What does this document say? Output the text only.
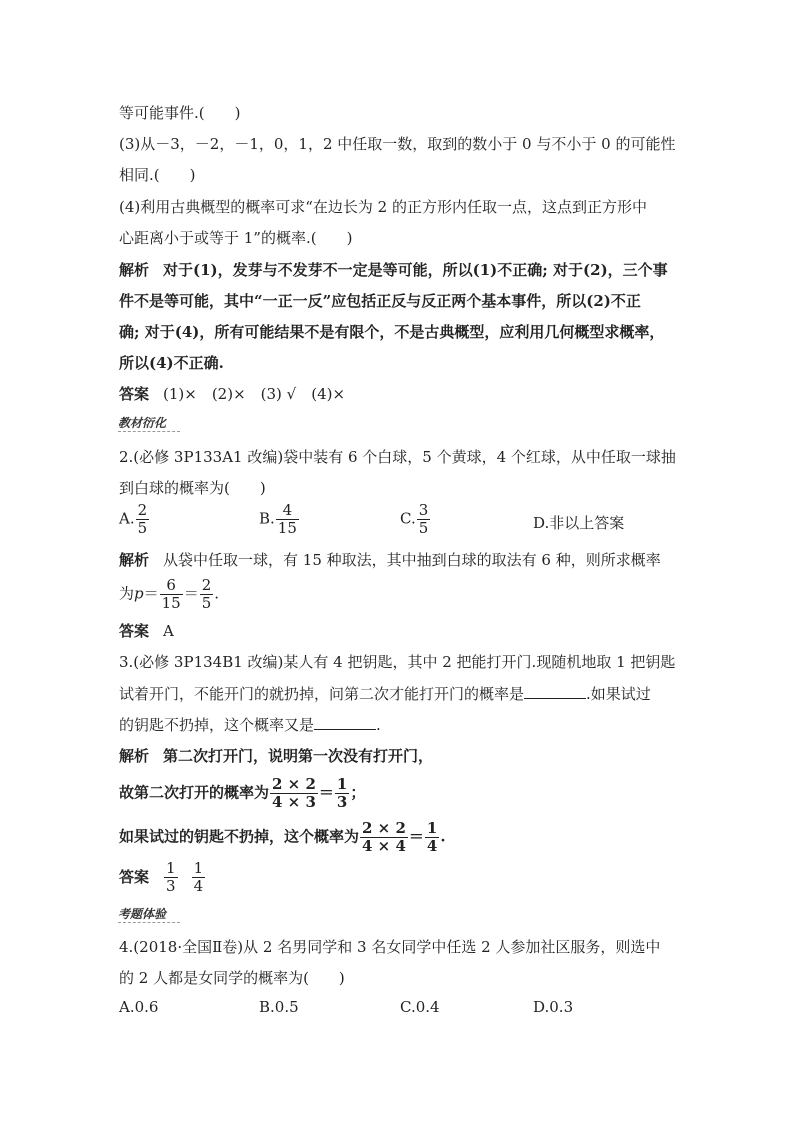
等可能事件.(　　)
(3)从－3，－2，－1，0，1，2 中任取一数，取到的数小于 0 与不小于 0 的可能性
相同.(　　)
(4)利用古典概型的概率可求“在边长为 2 的正方形内任取一点，这点到正方形中
心距离小于或等于 1”的概率.(　　)
解析 对于(1)，发芽与不发芽不一定是等可能，所以(1)不正确; 对于(2)，三个事
件不是等可能，其中“一正一反”应包括正反与反正两个基本事件，所以(2)不正
确; 对于(4)，所有可能结果不是有限个，不是古典概型，应利用几何概型求概率，
所以(4)不正确.
答案 (1)×　(2)×　(3) √　(4)×
教材衍化
2.(必修 3P133A1 改编)袋中装有 6 个白球，5 个黄球，4 个红球，从中任取一球抽
到白球的概率为(　　)
A. $\frac{2}{5}$	B. $\frac{4}{15}$	C. $\frac{3}{5}$	D.非以上答案
解析 从袋中任取一球，有 15 种取法，其中抽到白球的取法有 6 种，则所求概率
为$p= \frac{6}{15} = \frac{2}{5}$ .
答案 A
3.(必修 3P134B1 改编)某人有 4 把钥匙，其中 2 把能打开门.现随机地取 1 把钥匙
试着开门，不能开门的就扔掉，问第二次才能打开门的概率是	.如果试过
的钥匙不扔掉，这个概率又是	.
解析 第二次打开门，说明第一次没有打开门，
故第二次打开的概率为 $\frac{2 \times 2}{4 \times 3} = \frac{1}{3}$ ；
如果试过的钥匙不扔掉，这个概率为 $\frac{2 \times 2}{4 \times 4} = \frac{1}{4}$ .
答案 $\frac{1}{3} \frac{1}{4}$
考题体验
4.(2018·全国Ⅱ卷)从 2 名男同学和 3 名女同学中任选 2 人参加社区服务，则选中
的 2 人都是女同学的概率为(　　)
A.0.6	B.0.5	C.0.4	D.0.3
